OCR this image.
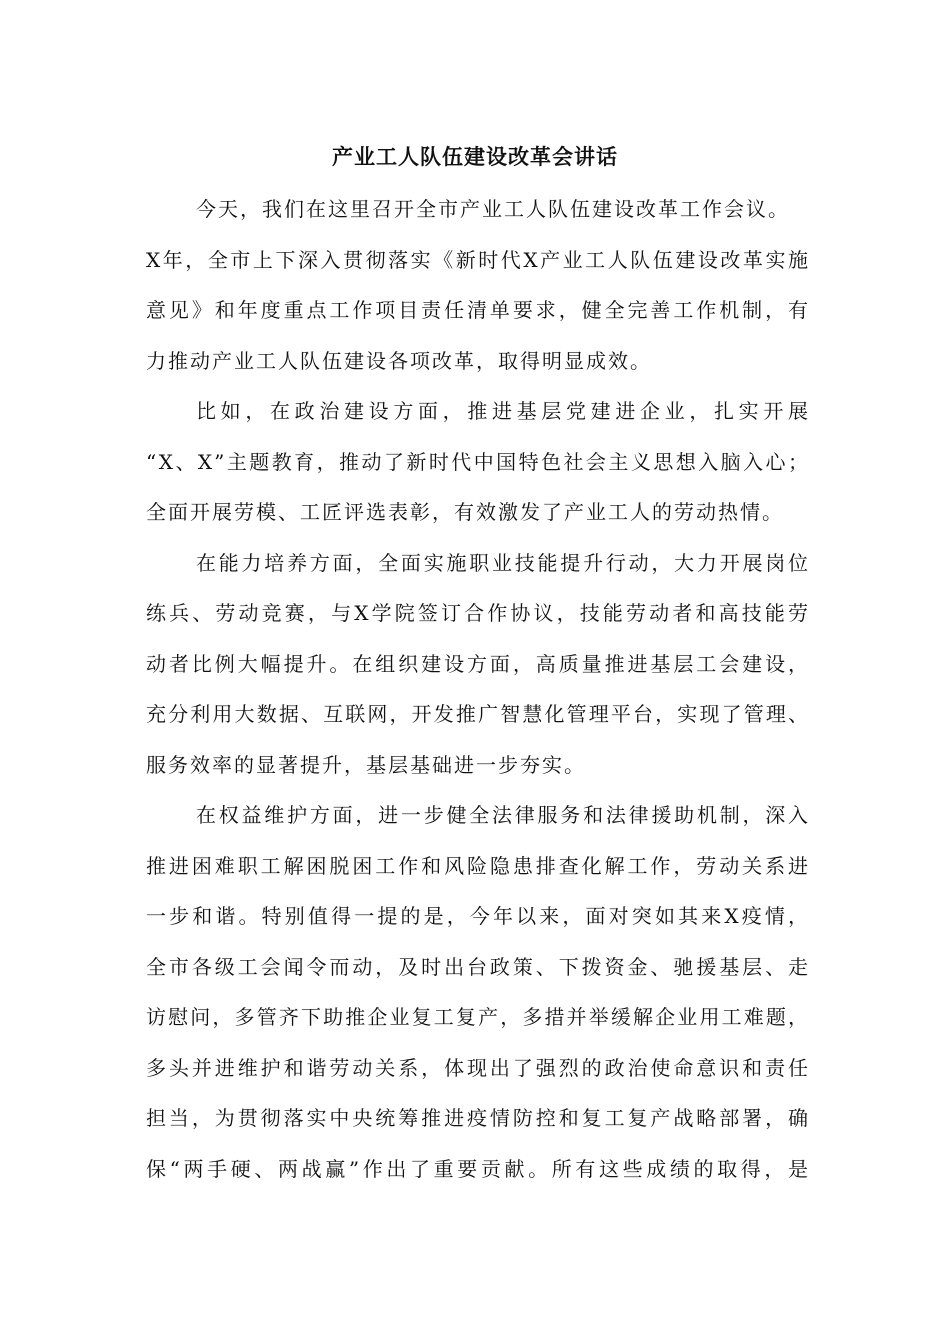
产业工人队伍建设改革会讲话
今天，我们在这里召开全市产业工人队伍建设改革工作会议。
X年，全市上下深入贯彻落实《新时代X产业工人队伍建设改革实施
意见》和年度重点工作项目责任清单要求，健全完善工作机制，有
力推动产业工人队伍建设各项改革，取得明显成效。
比如，在政治建设方面，推进基层党建进企业，扎实开展
“X、X”主题教育，推动了新时代中国特色社会主义思想入脑入心；
全面开展劳模、工匠评选表彰，有效激发了产业工人的劳动热情。
在能力培养方面，全面实施职业技能提升行动，大力开展岗位
练兵、劳动竞赛，与X学院签订合作协议，技能劳动者和高技能劳
动者比例大幅提升。在组织建设方面，高质量推进基层工会建设，
充分利用大数据、互联网，开发推广智慧化管理平台，实现了管理、
服务效率的显著提升，基层基础进一步夯实。
在权益维护方面，进一步健全法律服务和法律援助机制，深入
推进困难职工解困脱困工作和风险隐患排查化解工作，劳动关系进
一步和谐。特别值得一提的是，今年以来，面对突如其来X疫情，
全市各级工会闻令而动，及时出台政策、下拨资金、驰援基层、走
访慰问，多管齐下助推企业复工复产，多措并举缓解企业用工难题，
多头并进维护和谐劳动关系，体现出了强烈的政治使命意识和责任
担当，为贯彻落实中央统筹推进疫情防控和复工复产战略部署，确
保“两手硬、两战赢”作出了重要贡献。所有这些成绩的取得，是
